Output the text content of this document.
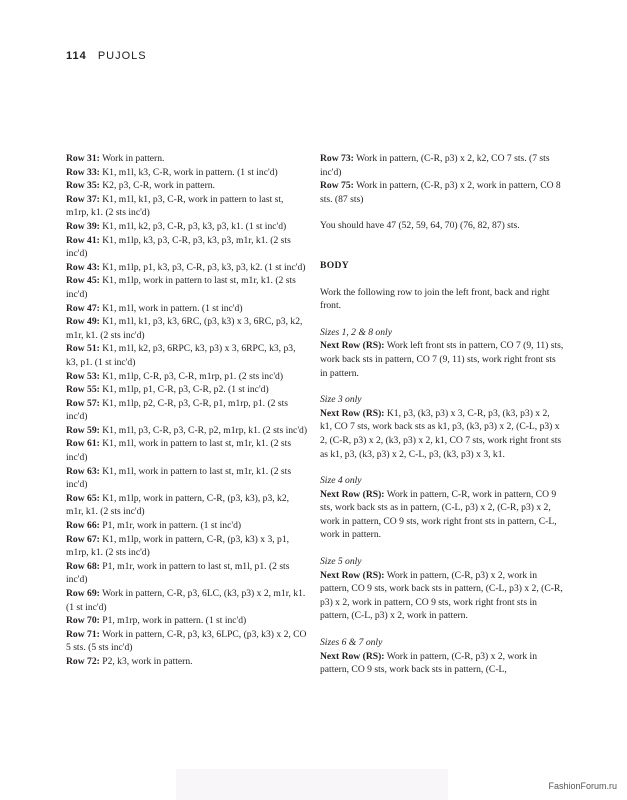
114 PUJOLS

Row 31: Work in pattern.

Row 33: K1, m1l, k3, C-R, work in pattern. (1 st inc'd)

Row 35: K2, p3, C-R, work in pattern.

Row 37: K1, m1l, k1, p3, C-R, work in pattern to last st, m1rp, k1. (2 sts inc'd)

Row 39: K1, m1l, k2, p3, C-R, p3, k3, p3, k1. (1 st inc'd)

Row 41: K1, m1lp, k3, p3, C-R, p3, k3, p3, m1r, k1. (2 sts inc'd)

Row 43: K1, m1lp, p1, k3, p3, C-R, p3, k3, p3, k2. (1 st inc'd)

Row 45: K1, m1lp, work in pattern to last st, m1r, k1. (2 sts inc'd)

Row 47: K1, m1l, work in pattern. (1 st inc'd)

Row 49: K1, m1l, k1, p3, k3, 6RC, (p3, k3) x 3, 6RC, p3, k2, m1r, k1. (2 sts inc'd)

Row 51: K1, m1l, k2, p3, 6RPC, k3, p3) x 3, 6RPC, k3, p3, k3, p1. (1 st inc'd)

Row 53: K1, m1lp, C-R, p3, C-R, m1rp, p1. (2 sts inc'd)

Row 55: K1, m1lp, p1, C-R, p3, C-R, p2. (1 st inc'd)

Row 57: K1, m1lp, p2, C-R, p3, C-R, p1, m1rp, p1. (2 sts inc'd)

Row 59: K1, m1l, p3, C-R, p3, C-R, p2, m1rp, k1. (2 sts inc'd)

Row 61: K1, m1l, work in pattern to last st, m1r, k1. (2 sts inc'd)

Row 63: K1, m1l, work in pattern to last st, m1r, k1. (2 sts inc'd)

Row 65: K1, m1lp, work in pattern, C-R, (p3, k3), p3, k2, m1r, k1. (2 sts inc'd)

Row 66: P1, m1r, work in pattern. (1 st inc'd)

Row 67: K1, m1lp, work in pattern, C-R, (p3, k3) x 3, p1, m1rp, k1. (2 sts inc'd)

Row 68: P1, m1r, work in pattern to last st, m1l, p1. (2 sts inc'd)

Row 69: Work in pattern, C-R, p3, 6LC, (k3, p3) x 2, m1r, k1. (1 st inc'd)

Row 70: P1, m1rp, work in pattern. (1 st inc'd)

Row 71: Work in pattern, C-R, p3, k3, 6LPC, (p3, k3) x 2, CO 5 sts. (5 sts inc'd)

Row 72: P2, k3, work in pattern.

Row 73: Work in pattern, (C-R, p3) x 2, k2, CO 7 sts. (7 sts inc'd)

Row 75: Work in pattern, (C-R, p3) x 2, work in pattern, CO 8 sts. (87 sts)

You should have 47 (52, 59, 64, 70) (76, 82, 87) sts.

BODY

Work the following row to join the left front, back and right front.

Sizes 1, 2 & 8 only

Next Row (RS): Work left front sts in pattern, CO 7 (9, 11) sts, work back sts in pattern, CO 7 (9, 11) sts, work right front sts in pattern.

Size 3 only

Next Row (RS): K1, p3, (k3, p3) x 3, C-R, p3, (k3, p3) x 2, k1, CO 7 sts, work back sts as k1, p3, (k3, p3) x 2, (C-L, p3) x 2, (C-R, p3) x 2, (k3, p3) x 2, k1, CO 7 sts, work right front sts as k1, p3, (k3, p3) x 2, C-L, p3, (k3, p3) x 3, k1.

Size 4 only

Next Row (RS): Work in pattern, C-R, work in pattern, CO 9 sts, work back sts as in pattern, (C-L, p3) x 2, (C-R, p3) x 2, work in pattern, CO 9 sts, work right front sts in pattern, C-L, work in pattern.

Size 5 only

Next Row (RS): Work in pattern, (C-R, p3) x 2, work in pattern, CO 9 sts, work back sts in pattern, (C-L, p3) x 2, (C-R, p3) x 2, work in pattern, CO 9 sts, work right front sts in pattern, (C-L, p3) x 2, work in pattern.

Sizes 6 & 7 only

Next Row (RS): Work in pattern, (C-R, p3) x 2, work in pattern, CO 9 sts, work back sts in pattern, (C-L,

FashionForum.ru
